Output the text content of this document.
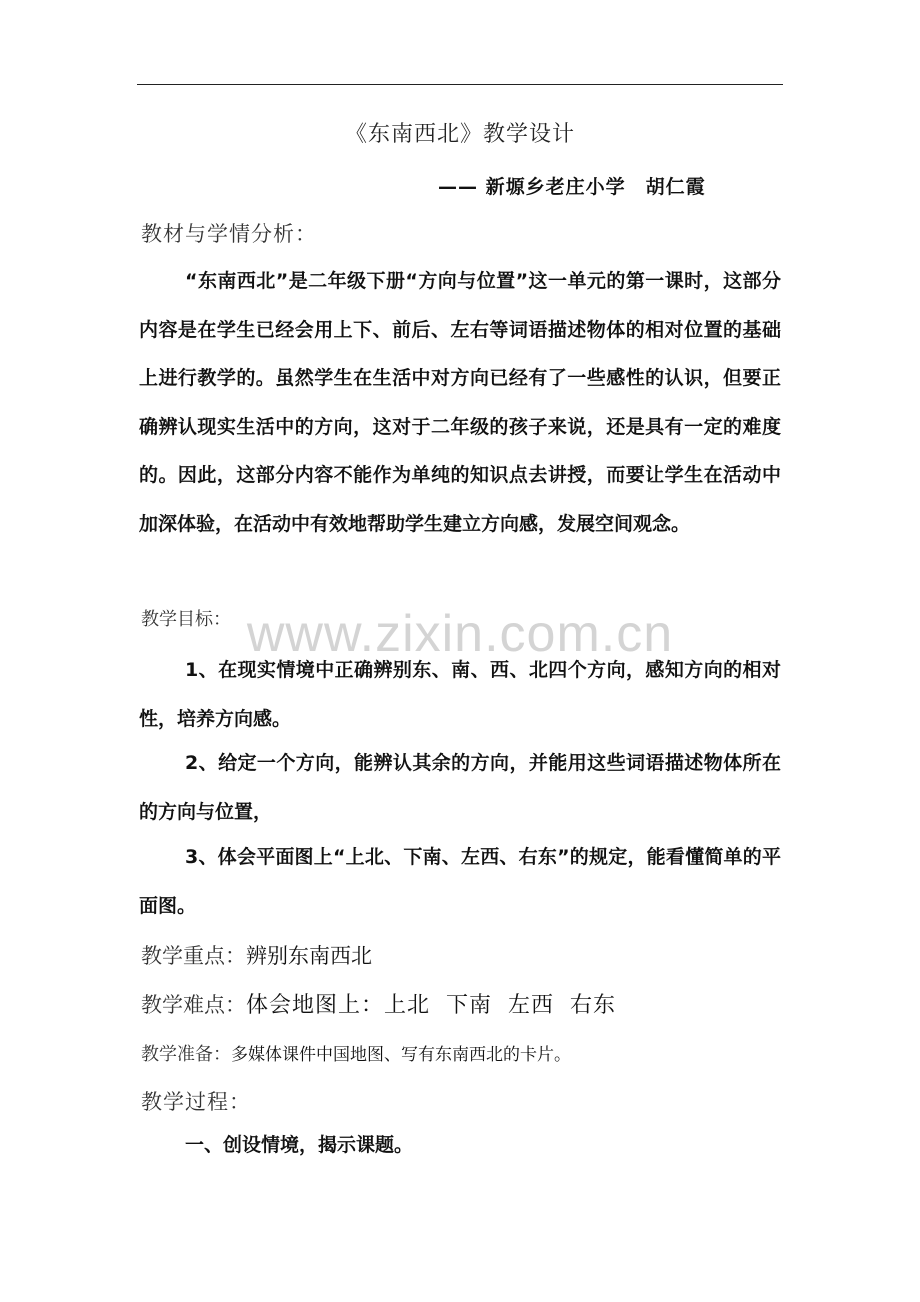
www.zixin.com.cn
《东南西北》教学设计
—— 新塬乡老庄小学　胡仁霞
教材与学情分析：
“东南西北”是二年级下册“方向与位置”这一单元的第一课时，这部分内容是在学生已经会用上下、前后、左右等词语描述物体的相对位置的基础上进行教学的。虽然学生在生活中对方向已经有了一些感性的认识，但要正确辨认现实生活中的方向，这对于二年级的孩子来说，还是具有一定的难度的。因此，这部分内容不能作为单纯的知识点去讲授，而要让学生在活动中加深体验，在活动中有效地帮助学生建立方向感，发展空间观念。
教学目标：
1、在现实情境中正确辨别东、南、西、北四个方向，感知方向的相对性，培养方向感。
2、给定一个方向，能辨认其余的方向，并能用这些词语描述物体所在的方向与位置，
3、体会平面图上“上北、下南、左西、右东”的规定，能看懂简单的平面图。
教学重点：辨别东南西北
教学难点：体会地图上：上北  下南  左西  右东
教学准备：多媒体课件中国地图、写有东南西北的卡片。
教学过程：
一、创设情境，揭示课题。
